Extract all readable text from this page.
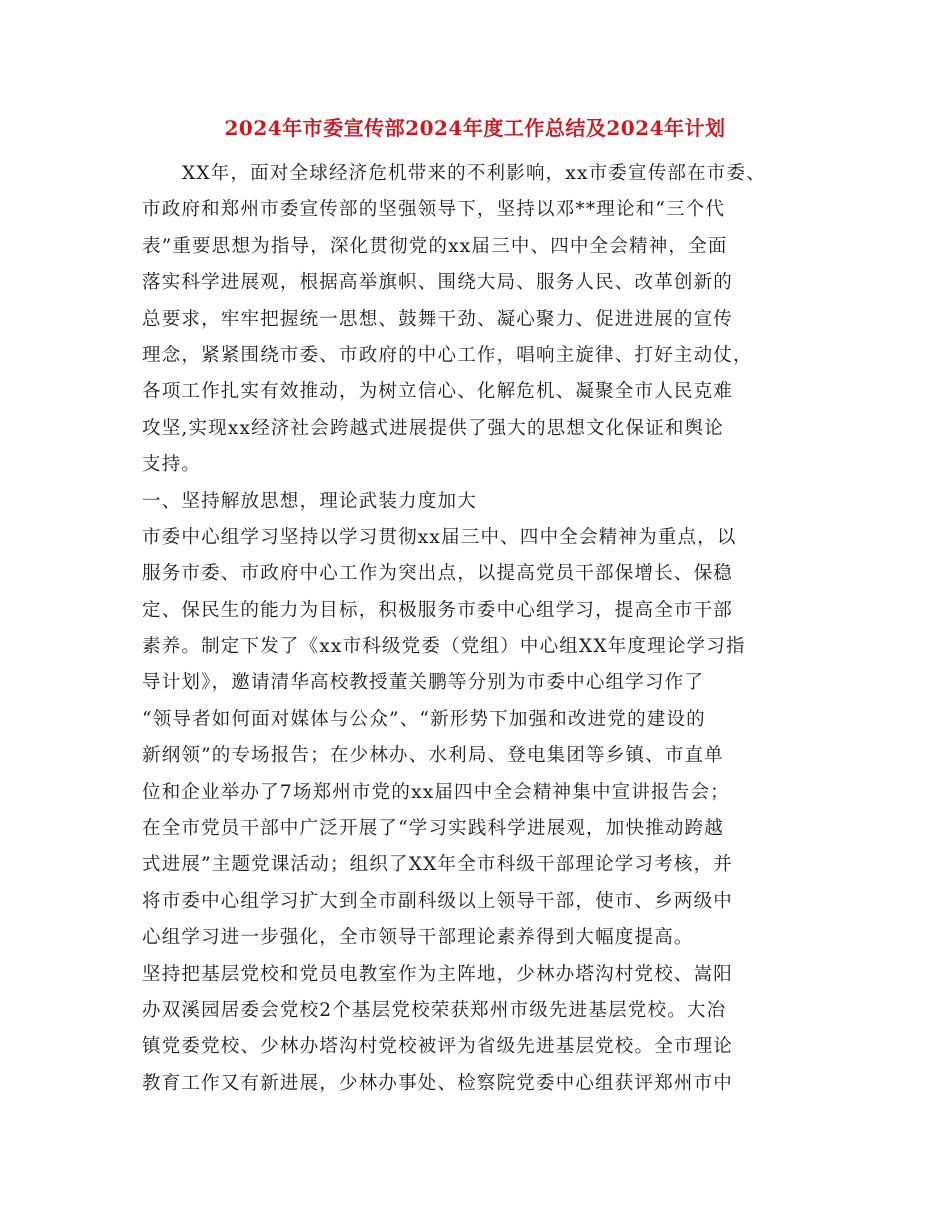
2024年市委宣传部2024年度工作总结及2024年计划
XX年，面对全球经济危机带来的不利影响，xx市委宣传部在市委、
市政府和郑州市委宣传部的坚强领导下，坚持以邓**理论和“三个代
表”重要思想为指导，深化贯彻党的xx届三中、四中全会精神，全面
落实科学进展观，根据高举旗帜、围绕大局、服务人民、改革创新的
总要求，牢牢把握统一思想、鼓舞干劲、凝心聚力、促进进展的宣传
理念，紧紧围绕市委、市政府的中心工作，唱响主旋律、打好主动仗，
各项工作扎实有效推动，为树立信心、化解危机、凝聚全市人民克难
攻坚,实现xx经济社会跨越式进展提供了强大的思想文化保证和舆论
支持。
一、坚持解放思想，理论武装力度加大
市委中心组学习坚持以学习贯彻xx届三中、四中全会精神为重点，以
服务市委、市政府中心工作为突出点，以提高党员干部保增长、保稳
定、保民生的能力为目标，积极服务市委中心组学习，提高全市干部
素养。制定下发了《xx市科级党委（党组）中心组XX年度理论学习指
导计划》，邀请清华高校教授董关鹏等分别为市委中心组学习作了
“领导者如何面对媒体与公众”、“新形势下加强和改进党的建设的
新纲领”的专场报告；在少林办、水利局、登电集团等乡镇、市直单
位和企业举办了7场郑州市党的xx届四中全会精神集中宣讲报告会；
在全市党员干部中广泛开展了“学习实践科学进展观，加快推动跨越
式进展”主题党课活动；组织了XX年全市科级干部理论学习考核，并
将市委中心组学习扩大到全市副科级以上领导干部，使市、乡两级中
心组学习进一步强化，全市领导干部理论素养得到大幅度提高。
坚持把基层党校和党员电教室作为主阵地，少林办塔沟村党校、嵩阳
办双溪园居委会党校2个基层党校荣获郑州市级先进基层党校。大冶
镇党委党校、少林办塔沟村党校被评为省级先进基层党校。全市理论
教育工作又有新进展，少林办事处、检察院党委中心组获评郑州市中
